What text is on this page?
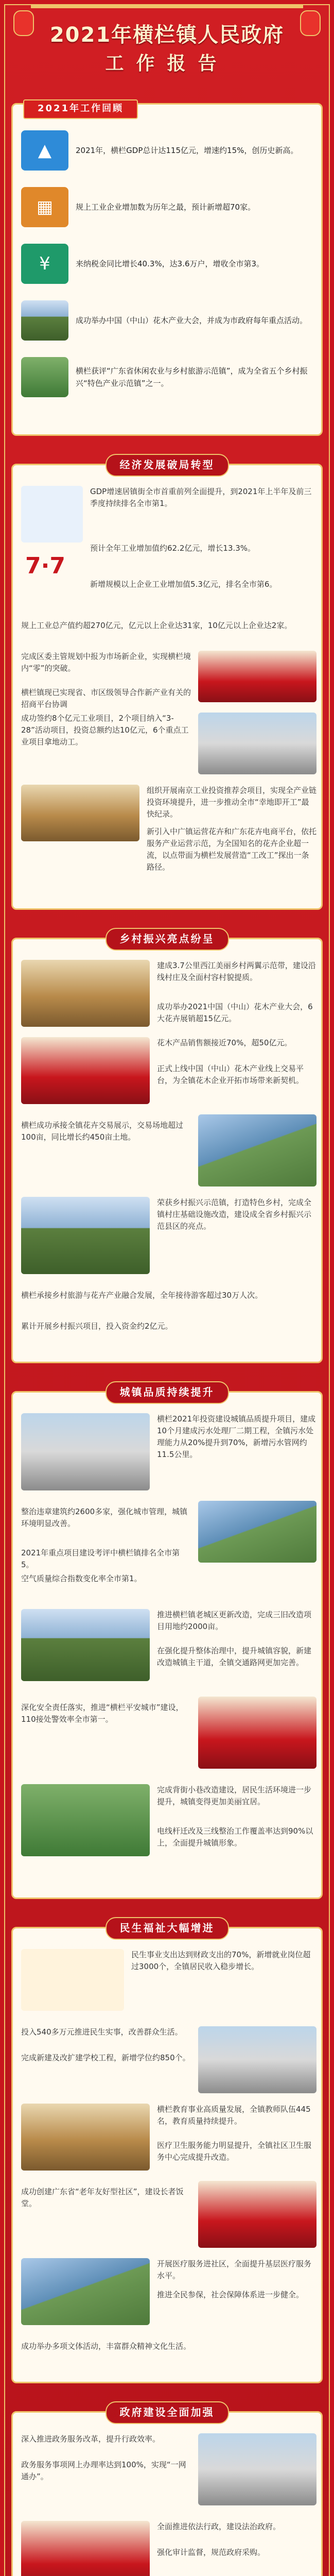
2021年横栏镇人民政府
工作报告
2021年工作回顾
▲	2021年，横栏GDP总计达115亿元，增速约15%，创历史新高。
▦	规上工业企业增加数为历年之最，预计新增超70家。
¥	来纳税金同比增长40.3%，达3.6万户，增收全市第3。
成功举办中国（中山）花木产业大会，并成为市政府每年重点活动。
横栏获评“广东省休闲农业与乡村旅游示范镇”，成为全省五个乡村振兴“特色产业示范镇”之一。
经济发展破局转型
GDP增速居镇街全市首重前列全面提升，到2021年上半年及前三季度持续排名全市第1。
7·7
预计全年工业增加值约62.2亿元，增长13.3%。
新增规模以上企业工业增加值5.3亿元，排名全市第6。
规上工业总产值约超270亿元，亿元以上企业达31家，10亿元以上企业达2家。
完成区委主管规划中报为市场新企业，实现横栏境内“零”的突破。
横栏镇现已实现省、市区级领导合作新产业有关的招商平台协调
成功签约8个亿元工业项目，2个项目纳入“3-28”活动项目，投资总额约达10亿元，6个重点工业项目拿地动工。
组织开展南京工业投资推荐会项目，实现全产业链投资环境提升，进一步推动全市“幸地即开工”最快纪录。
新引入中广镇运营花卉和广东花卉电商平台，依托服务产业运营示范，为全国知名的花卉企业超一流，以点带面为横栏发展营造“工改工”探出一条路径。
乡村振兴亮点纷呈
建成3.7公里西江美丽乡村两翼示范带，建设沿线村庄及全面村容村貌提质。
成功举办2021中国（中山）花木产业大会，6大花卉展销超15亿元。
花木产品销售额接近70%，超50亿元。
正式上线中国（中山）花木产业线上交易平台，为全镇花木企业开拓市场带来新契机。
横栏成功承接全镇花卉交易展示，交易场地超过100亩，同比增长约450亩土地。
荣获乡村振兴示范镇，打造特色乡村，完成全镇村庄基础设施改造，建设成全省乡村振兴示范县区的亮点。
横栏承接乡村旅游与花卉产业融合发展，全年接待游客超过30万人次。
累计开展乡村振兴项目，投入资金约2亿元。
城镇品质持续提升
横栏2021年投资建设城镇品质提升项目，建成10个月建成污水处理厂二期工程，全镇污水处理能力从20%提升到70%，新增污水管网约11.5公里。
整治违章建筑约2600多家，强化城市管理，城镇环境明显改善。
2021年重点项目建设考评中横栏镇排名全市第5。
空气质量综合指数变化率全市第1。
推进横栏镇老城区更新改造，完成三旧改造项目用地约2000亩。
在强化提升整体治理中，提升城镇容貌，新建改造城镇主干道，全镇交通路网更加完善。
深化安全责任落实，推进“横栏平安城市”建设，110接处警效率全市第一。
完成背街小巷改造建设，居民生活环境进一步提升，城镇变得更加美丽宜居。
电线杆迁改及三线整治工作覆盖率达到90%以上，全面提升城镇形象。
民生福祉大幅增进
民生事业支出达到财政支出的70%，新增就业岗位超过3000个，全镇居民收入稳步增长。
投入540多万元推进民生实事，改善群众生活。
完成新建及改扩建学校工程，新增学位约850个。
横栏教育事业高质量发展，全镇教师队伍445名，教育质量持续提升。
医疗卫生服务能力明显提升，全镇社区卫生服务中心完成提升改造。
成功创建广东省“老年友好型社区”，建设长者饭堂。
开展医疗服务进社区，全面提升基层医疗服务水平。
推进全民参保，社会保障体系进一步健全。
成功举办多项文体活动，丰富群众精神文化生活。
政府建设全面加强
深入推进政务服务改革，提升行政效率。
政务服务事项网上办理率达到100%，实现“一网通办”。
全面推进依法行政，建设法治政府。
强化审计监督，规范政府采购。
